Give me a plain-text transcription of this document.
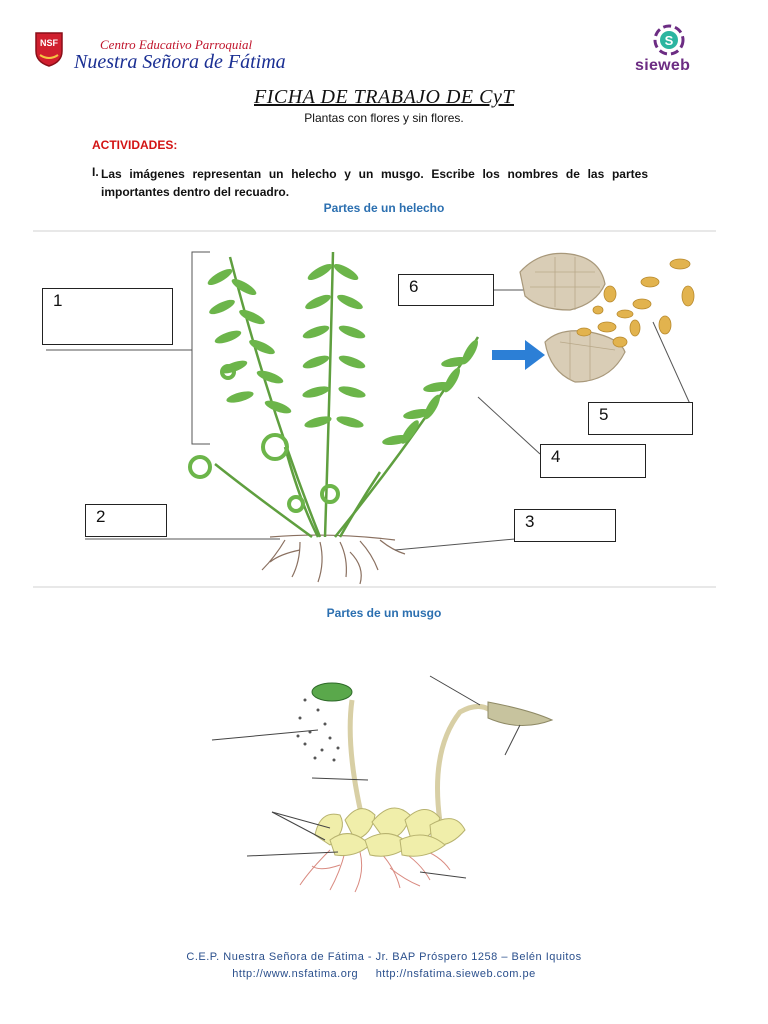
NSF	Centro Educativo Parroquial
Nuestra Señora de Fátima
S
sieweb
FICHA DE TRABAJO DE CyT
Plantas con flores y sin flores.
ACTIVIDADES:
I. Las imágenes representan un helecho y un musgo. Escribe los nombres de las partes importantes dentro del recuadro.
Partes de un helecho
1
2	3
4
5
6
Partes de un musgo
C.E.P. Nuestra Señora de Fátima - Jr. BAP Próspero 1258 – Belén Iquitos
http://www.nsfatima.org http://nsfatima.sieweb.com.pe
